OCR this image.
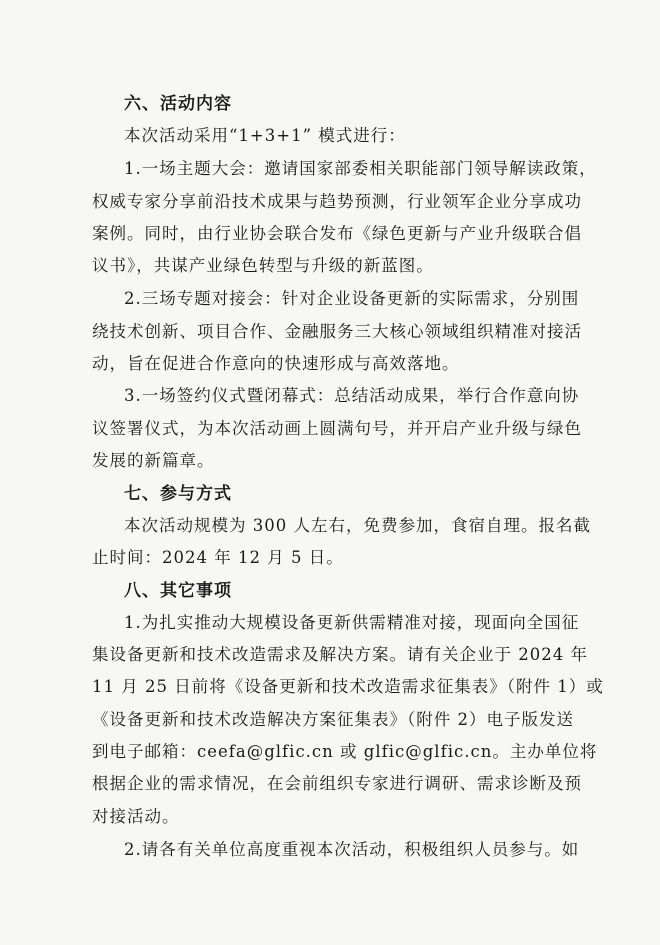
六、活动内容
本次活动采用“1+3+1” 模式进行：
1.一场主题大会：邀请国家部委相关职能部门领导解读政策，
权威专家分享前沿技术成果与趋势预测，行业领军企业分享成功
案例。同时，由行业协会联合发布《绿色更新与产业升级联合倡
议书》，共谋产业绿色转型与升级的新蓝图。
2.三场专题对接会：针对企业设备更新的实际需求，分别围
绕技术创新、项目合作、金融服务三大核心领域组织精准对接活
动，旨在促进合作意向的快速形成与高效落地。
3.一场签约仪式暨闭幕式：总结活动成果，举行合作意向协
议签署仪式，为本次活动画上圆满句号，并开启产业升级与绿色
发展的新篇章。
七、参与方式
本次活动规模为 300 人左右，免费参加，食宿自理。报名截
止时间：2024 年 12 月 5 日。
八、其它事项
1.为扎实推动大规模设备更新供需精准对接，现面向全国征
集设备更新和技术改造需求及解决方案。请有关企业于 2024 年
11 月 25 日前将《设备更新和技术改造需求征集表》（附件 1）或
《设备更新和技术改造解决方案征集表》（附件 2）电子版发送
到电子邮箱：ceefa@glfic.cn 或 glfic@glfic.cn。主办单位将
根据企业的需求情况，在会前组织专家进行调研、需求诊断及预
对接活动。
2.请各有关单位高度重视本次活动，积极组织人员参与。如
